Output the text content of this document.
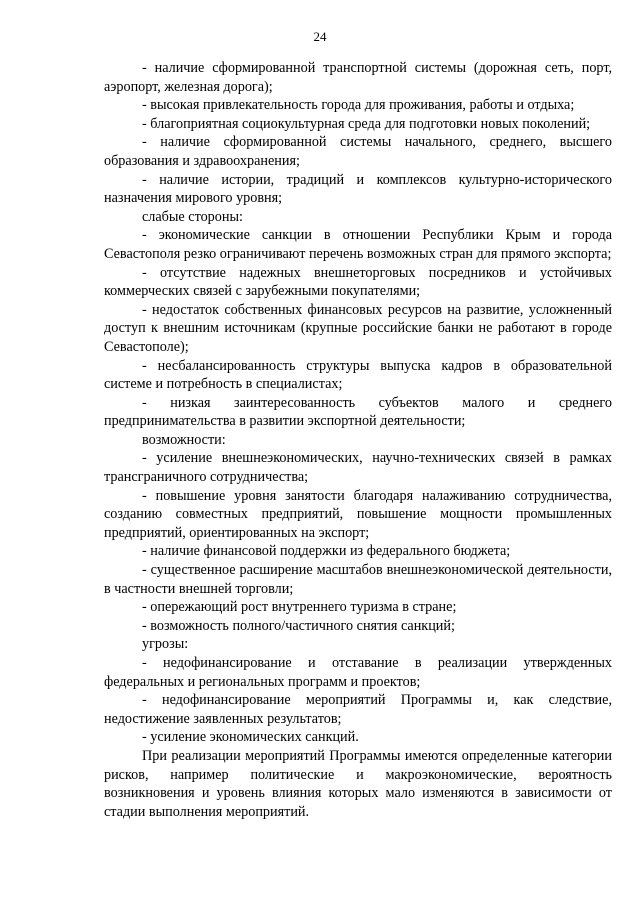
24

- наличие сформированной транспортной системы (дорожная сеть, порт, аэропорт, железная дорога);

- высокая привлекательность города для проживания, работы и отдыха;

- благоприятная социокультурная среда для подготовки новых поколений;

- наличие сформированной системы начального, среднего, высшего образования и здравоохранения;

- наличие истории, традиций и комплексов культурно-исторического назначения мирового уровня;

слабые стороны:

- экономические санкции в отношении Республики Крым и города Севастополя резко ограничивают перечень возможных стран для прямого экспорта;

- отсутствие надежных внешнеторговых посредников и устойчивых коммерческих связей с зарубежными покупателями;

- недостаток собственных финансовых ресурсов на развитие, усложненный доступ к внешним источникам (крупные российские банки не работают в городе Севастополе);

- несбалансированность структуры выпуска кадров в образовательной системе и потребность в специалистах;

- низкая заинтересованность субъектов малого и среднего предпринимательства в развитии экспортной деятельности;

возможности:

- усиление внешнеэкономических, научно-технических связей в рамках трансграничного сотрудничества;

- повышение уровня занятости благодаря налаживанию сотрудничества, созданию совместных предприятий, повышение мощности промышленных предприятий, ориентированных на экспорт;

- наличие финансовой поддержки из федерального бюджета;

- существенное расширение масштабов внешнеэкономической деятельности, в частности внешней торговли;

- опережающий рост внутреннего туризма в стране;

- возможность полного/частичного снятия санкций;

угрозы:

- недофинансирование и отставание в реализации утвержденных федеральных и региональных программ и проектов;

- недофинансирование мероприятий Программы и, как следствие, недостижение заявленных результатов;

- усиление экономических санкций.

При реализации мероприятий Программы имеются определенные категории рисков, например политические и макроэкономические, вероятность возникновения и уровень влияния которых мало изменяются в зависимости от стадии выполнения мероприятий.
